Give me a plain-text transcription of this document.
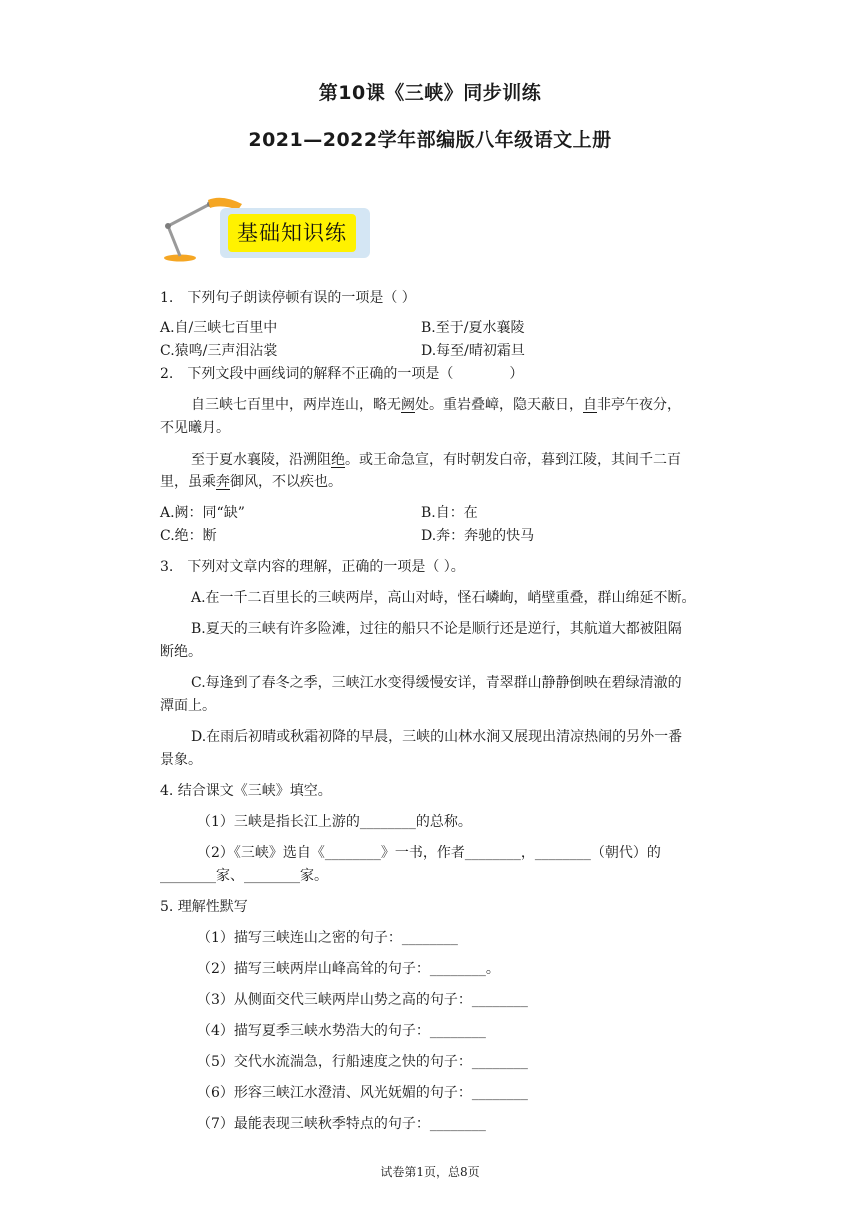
第10课《三峡》同步训练
2021—2022学年部编版八年级语文上册
基础知识练
1.　下列句子朗读停顿有误的一项是（ ）
A.自/三峡七百里中	B.至于/夏水襄陵
C.猿鸣/三声泪沾裳	D.每至/晴初霜旦
2.　下列文段中画线词的解释不正确的一项是（　　　　）
自三峡七百里中，两岸连山，略无阙处。重岩叠嶂，隐天蔽日，自非亭午夜分，
不见曦月。
至于夏水襄陵，沿溯阻绝。或王命急宣，有时朝发白帝，暮到江陵，其间千二百
里，虽乘奔御风，不以疾也。
A.阙：同“缺”	B.自：在
C.绝：断	D.奔：奔驰的快马
3.　下列对文章内容的理解，正确的一项是（ ）。
A.在一千二百里长的三峡两岸，高山对峙，怪石嶙峋，峭壁重叠，群山绵延不断。
B.夏天的三峡有许多险滩，过往的船只不论是顺行还是逆行，其航道大都被阻隔
断绝。
C.每逢到了春冬之季，三峡江水变得缓慢安详，青翠群山静静倒映在碧绿清澈的
潭面上。
D.在雨后初晴或秋霜初降的早晨，三峡的山林水涧又展现出清凉热闹的另外一番
景象。
4. 结合课文《三峡》填空。
（1）三峡是指长江上游的________的总称。
（2）《三峡》选自《________》一书，作者________，________（朝代）的
________家、________家。
5. 理解性默写
（1）描写三峡连山之密的句子：________
（2）描写三峡两岸山峰高耸的句子：________。
（3）从侧面交代三峡两岸山势之高的句子：________
（4）描写夏季三峡水势浩大的句子：________
（5）交代水流湍急，行船速度之快的句子：________
（6）形容三峡江水澄清、风光妩媚的句子：________
（7）最能表现三峡秋季特点的句子：________
试卷第1页，总8页
